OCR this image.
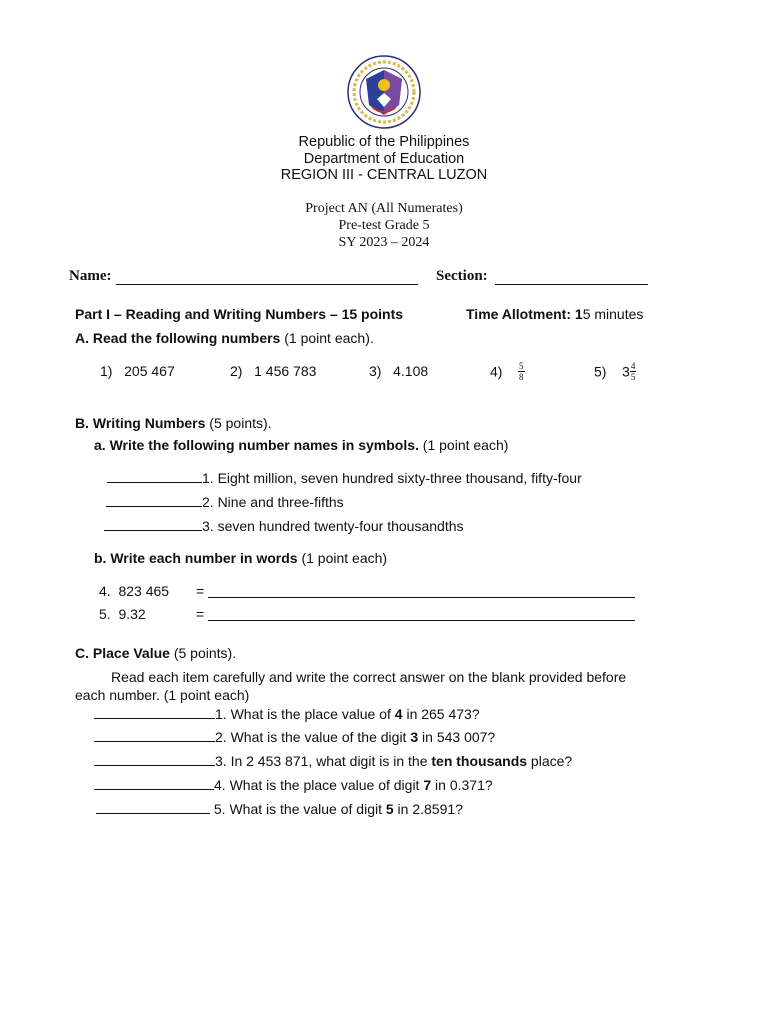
Republic of the Philippines
Department of Education
REGION III - CENTRAL LUZON
Project AN (All Numerates)
Pre-test Grade 5
SY 2023 – 2024
Name:	Section:
Part I – Reading and Writing Numbers – 15 points	Time Allotment: 15 minutes
A. Read the following numbers (1 point each).
1) 205 467	2) 1 456 783	3) 4.108	$4) \frac{5}{8}$	5) $3 \frac{4}{5}$
B. Writing Numbers (5 points).
a. Write the following number names in symbols. (1 point each)
1. Eight million, seven hundred sixty-three thousand, fifty-four
2. Nine and three-fifths
3. seven hundred twenty-four thousandths
b. Write each number in words (1 point each)
4. 823 465 =
5. 9.32	=
C. Place Value (5 points).
Read each item carefully and write the correct answer on the blank provided before
each number. (1 point each)
1. What is the place value of 4 in 265 473?
2. What is the value of the digit 3 in 543 007?
3. In 2 453 871, what digit is in the ten thousands place?
4. What is the place value of digit 7 in 0.371?
5. What is the value of digit 5 in 2.8591?
